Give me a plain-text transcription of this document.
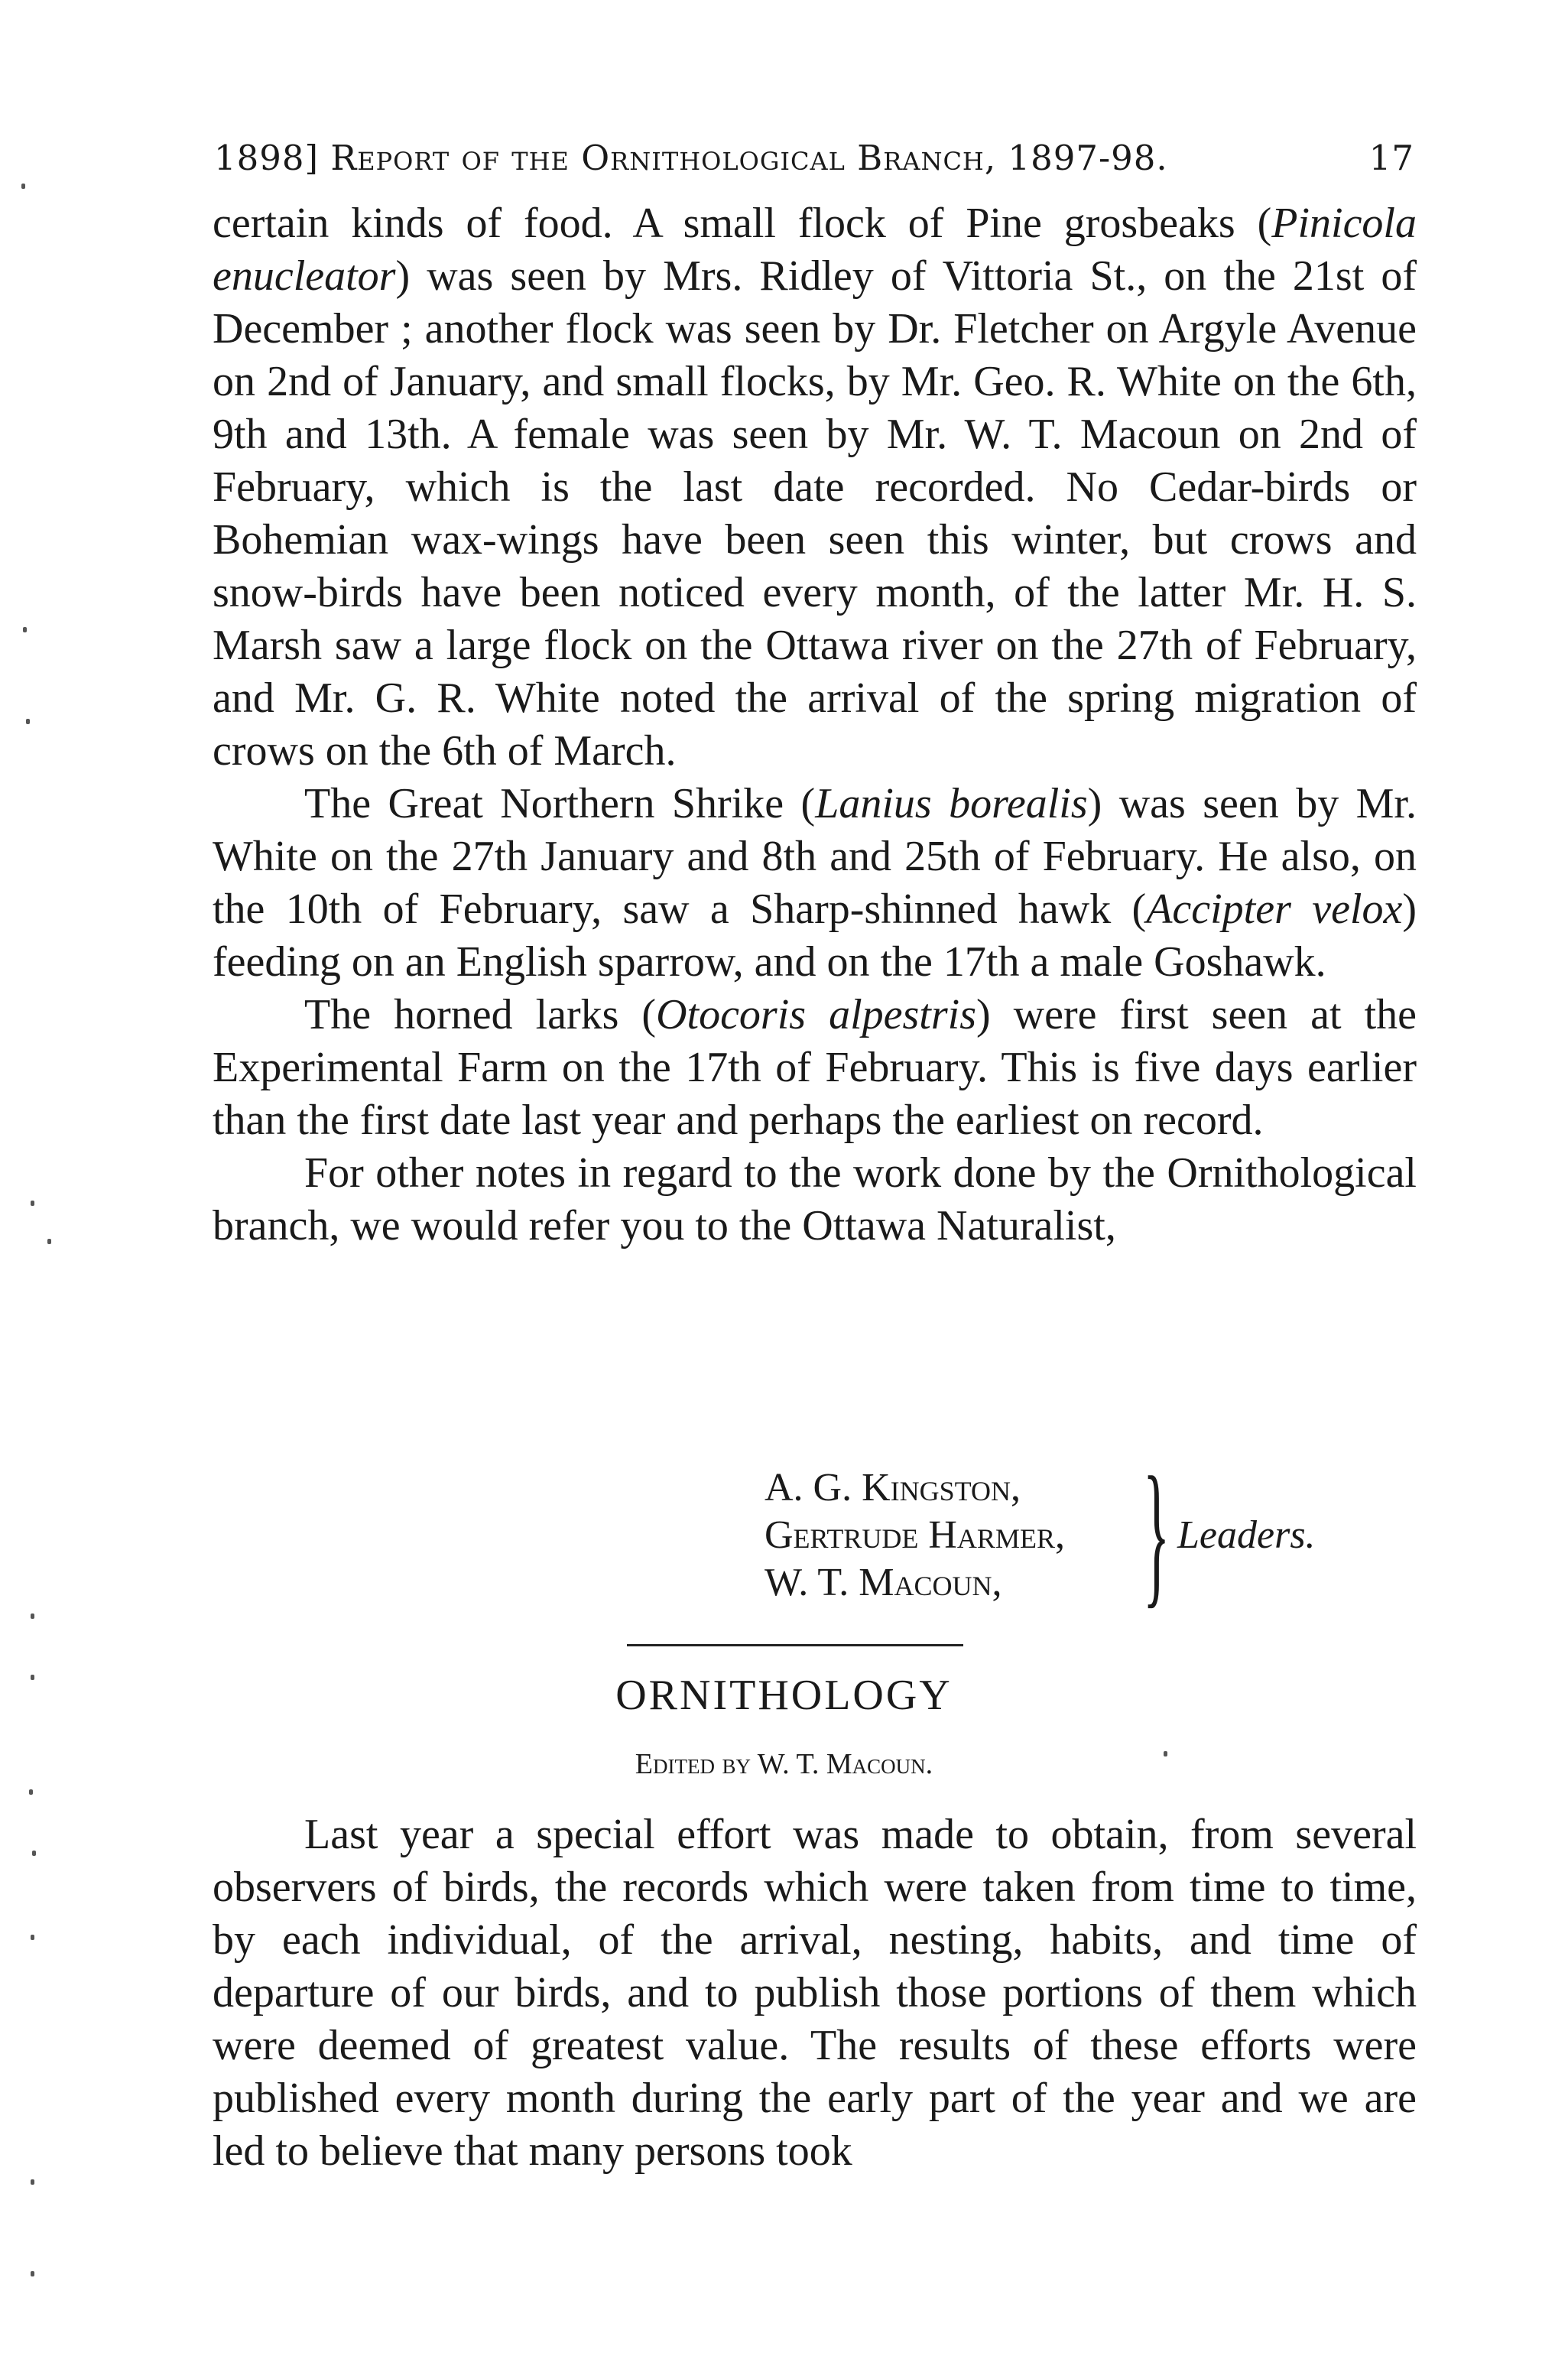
1898] Report of the Ornithological Branch, 1897-98.	17

certain kinds of food. A small flock of Pine grosbeaks (Pinicola enucleator) was seen by Mrs. Ridley of Vittoria St., on the 21st of December ; another flock was seen by Dr. Fletcher on Argyle Avenue on 2nd of January, and small flocks, by Mr. Geo. R. White on the 6th, 9th and 13th. A female was seen by Mr. W. T. Macoun on 2nd of February, which is the last date recorded. No Cedar-birds or Bohemian wax-wings have been seen this winter, but crows and snow-birds have been noticed every month, of the latter Mr. H. S. Marsh saw a large flock on the Ottawa river on the 27th of February, and Mr. G. R. White noted the arrival of the spring migration of crows on the 6th of March.

The Great Northern Shrike (Lanius borealis) was seen by Mr. White on the 27th January and 8th and 25th of February. He also, on the 10th of February, saw a Sharp-shinned hawk (Accipter velox) feeding on an English sparrow, and on the 17th a male Goshawk.

The horned larks (Otocoris alpestris) were first seen at the Experimental Farm on the 17th of February. This is five days earlier than the first date last year and perhaps the earliest on record.

For other notes in regard to the work done by the Ornithological branch, we would refer you to the Ottawa Naturalist,

A. G. Kingston,
Gertrude Harmer,
W. T. Macoun, } Leaders.
ORNITHOLOGY
Edited by W. T. Macoun.

Last year a special effort was made to obtain, from several observers of birds, the records which were taken from time to time, by each individual, of the arrival, nesting, habits, and time of departure of our birds, and to publish those portions of them which were deemed of greatest value. The results of these efforts were published every month during the early part of the year and we are led to believe that many persons took
